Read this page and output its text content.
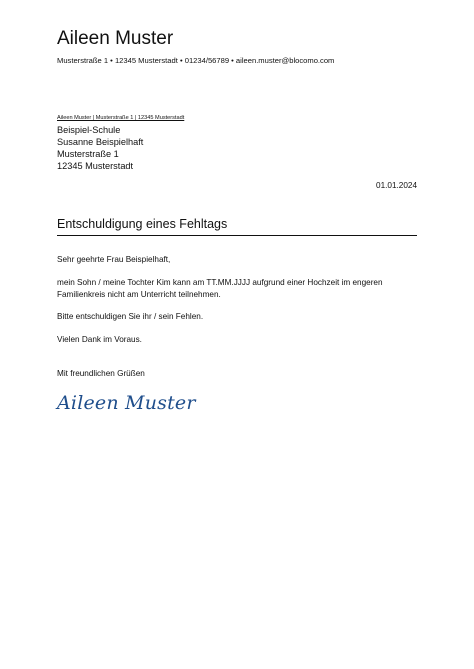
Aileen Muster
Musterstraße 1 • 12345 Musterstadt • 01234/56789 • aileen.muster@blocomo.com
Aileen Muster | Musterstraße 1 | 12345 Musterstadt
Beispiel-Schule
Susanne Beispielhaft
Musterstraße 1
12345 Musterstadt
01.01.2024
Entschuldigung eines Fehltags
Sehr geehrte Frau Beispielhaft,
mein Sohn / meine Tochter Kim kann am TT.MM.JJJJ aufgrund einer Hochzeit im engeren Familienkreis nicht am Unterricht teilnehmen.
Bitte entschuldigen Sie ihr / sein Fehlen.
Vielen Dank im Voraus.
Mit freundlichen Grüßen
Aileen Muster
